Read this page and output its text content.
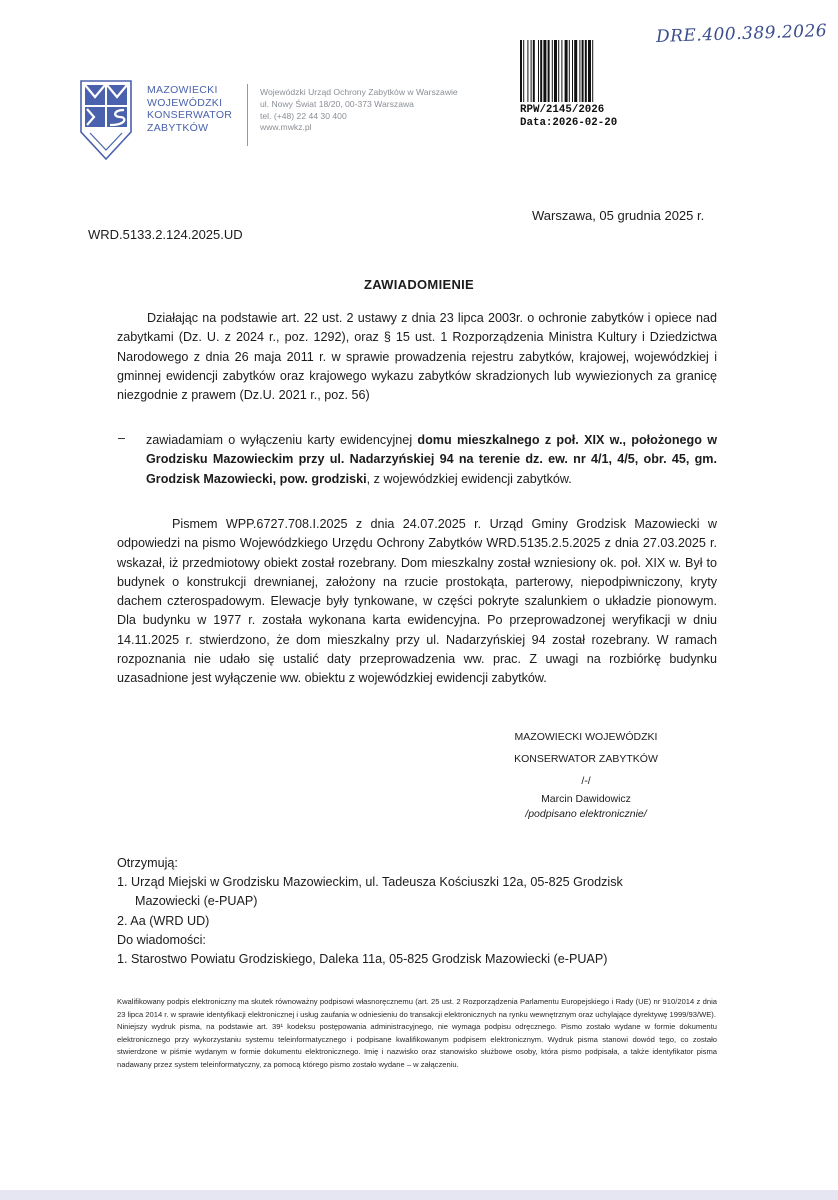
DRE.400.389.2026
MAZOWIECKI
WOJEWÓDZKI
KONSERWATOR
ZABYTKÓW
Wojewódzki Urząd Ochrony Zabytków w Warszawie
ul. Nowy Świat 18/20, 00-373 Warszawa
tel. (+48) 22 44 30 400
www.mwkz.pl
RPW/2145/2026
Data:2026-02-20
Warszawa, 05 grudnia 2025 r.
WRD.5133.2.124.2025.UD
ZAWIADOMIENIE
Działając na podstawie art. 22 ust. 2 ustawy z dnia 23 lipca 2003r. o ochronie zabytków i opiece nad zabytkami (Dz. U. z 2024 r., poz. 1292), oraz § 15 ust. 1 Rozporządzenia Ministra Kultury i Dziedzictwa Narodowego z dnia 26 maja 2011 r. w sprawie prowadzenia rejestru zabytków, krajowej, wojewódzkiej i gminnej ewidencji zabytków oraz krajowego wykazu zabytków skradzionych lub wywiezionych za granicę niezgodnie z prawem (Dz.U. 2021 r., poz. 56)
– zawiadamiam o wyłączeniu karty ewidencyjnej domu mieszkalnego z poł. XIX w., położonego w Grodzisku Mazowieckim przy ul. Nadarzyńskiej 94 na terenie dz. ew. nr 4/1, 4/5, obr. 45, gm. Grodzisk Mazowiecki, pow. grodziski, z wojewódzkiej ewidencji zabytków.
Pismem WPP.6727.708.I.2025 z dnia 24.07.2025 r. Urząd Gminy Grodzisk Mazowiecki w odpowiedzi na pismo Wojewódzkiego Urzędu Ochrony Zabytków WRD.5135.2.5.2025 z dnia 27.03.2025 r. wskazał, iż przedmiotowy obiekt został rozebrany. Dom mieszkalny został wzniesiony ok. poł. XIX w. Był to budynek o konstrukcji drewnianej, założony na rzucie prostokąta, parterowy, niepodpiwniczony, kryty dachem czterospadowym. Elewacje były tynkowane, w części pokryte szalunkiem o układzie pionowym. Dla budynku w 1977 r. została wykonana karta ewidencyjna. Po przeprowadzonej weryfikacji w dniu 14.11.2025 r. stwierdzono, że dom mieszkalny przy ul. Nadarzyńskiej 94 został rozebrany. W ramach rozpoznania nie udało się ustalić daty przeprowadzenia ww. prac. Z uwagi na rozbiórkę budynku uzasadnione jest wyłączenie ww. obiektu z wojewódzkiej ewidencji zabytków.
MAZOWIECKI WOJEWÓDZKI
KONSERWATOR ZABYTKÓW
/-/
Marcin Dawidowicz
/podpisano elektronicznie/
Otrzymują:
1. Urząd Miejski w Grodzisku Mazowieckim, ul. Tadeusza Kościuszki 12a, 05-825 Grodzisk
Mazowiecki (e-PUAP)
2. Aa (WRD UD)
Do wiadomości:
1. Starostwo Powiatu Grodziskiego, Daleka 11a, 05-825 Grodzisk Mazowiecki (e-PUAP)

Kwalifikowany podpis elektroniczny ma skutek równoważny podpisowi własnoręcznemu (art. 25 ust. 2 Rozporządzenia Parlamentu Europejskiego i Rady (UE) nr 910/2014 z dnia 23 lipca 2014 r. w sprawie identyfikacji elektronicznej i usług zaufania w odniesieniu do transakcji elektronicznych na rynku wewnętrznym oraz uchylające dyrektywę 1999/93/WE).

Niniejszy wydruk pisma, na podstawie art. 39¹ kodeksu postępowania administracyjnego, nie wymaga podpisu odręcznego. Pismo zostało wydane w formie dokumentu elektronicznego przy wykorzystaniu systemu teleinformatycznego i podpisane kwalifikowanym podpisem elektronicznym. Wydruk pisma stanowi dowód tego, co zostało stwierdzone w piśmie wydanym w formie dokumentu elektronicznego. Imię i nazwisko oraz stanowisko służbowe osoby, która pismo podpisała, a także identyfikator pisma nadawany przez system teleinformatyczny, za pomocą którego pismo zostało wydane – w załączeniu.
